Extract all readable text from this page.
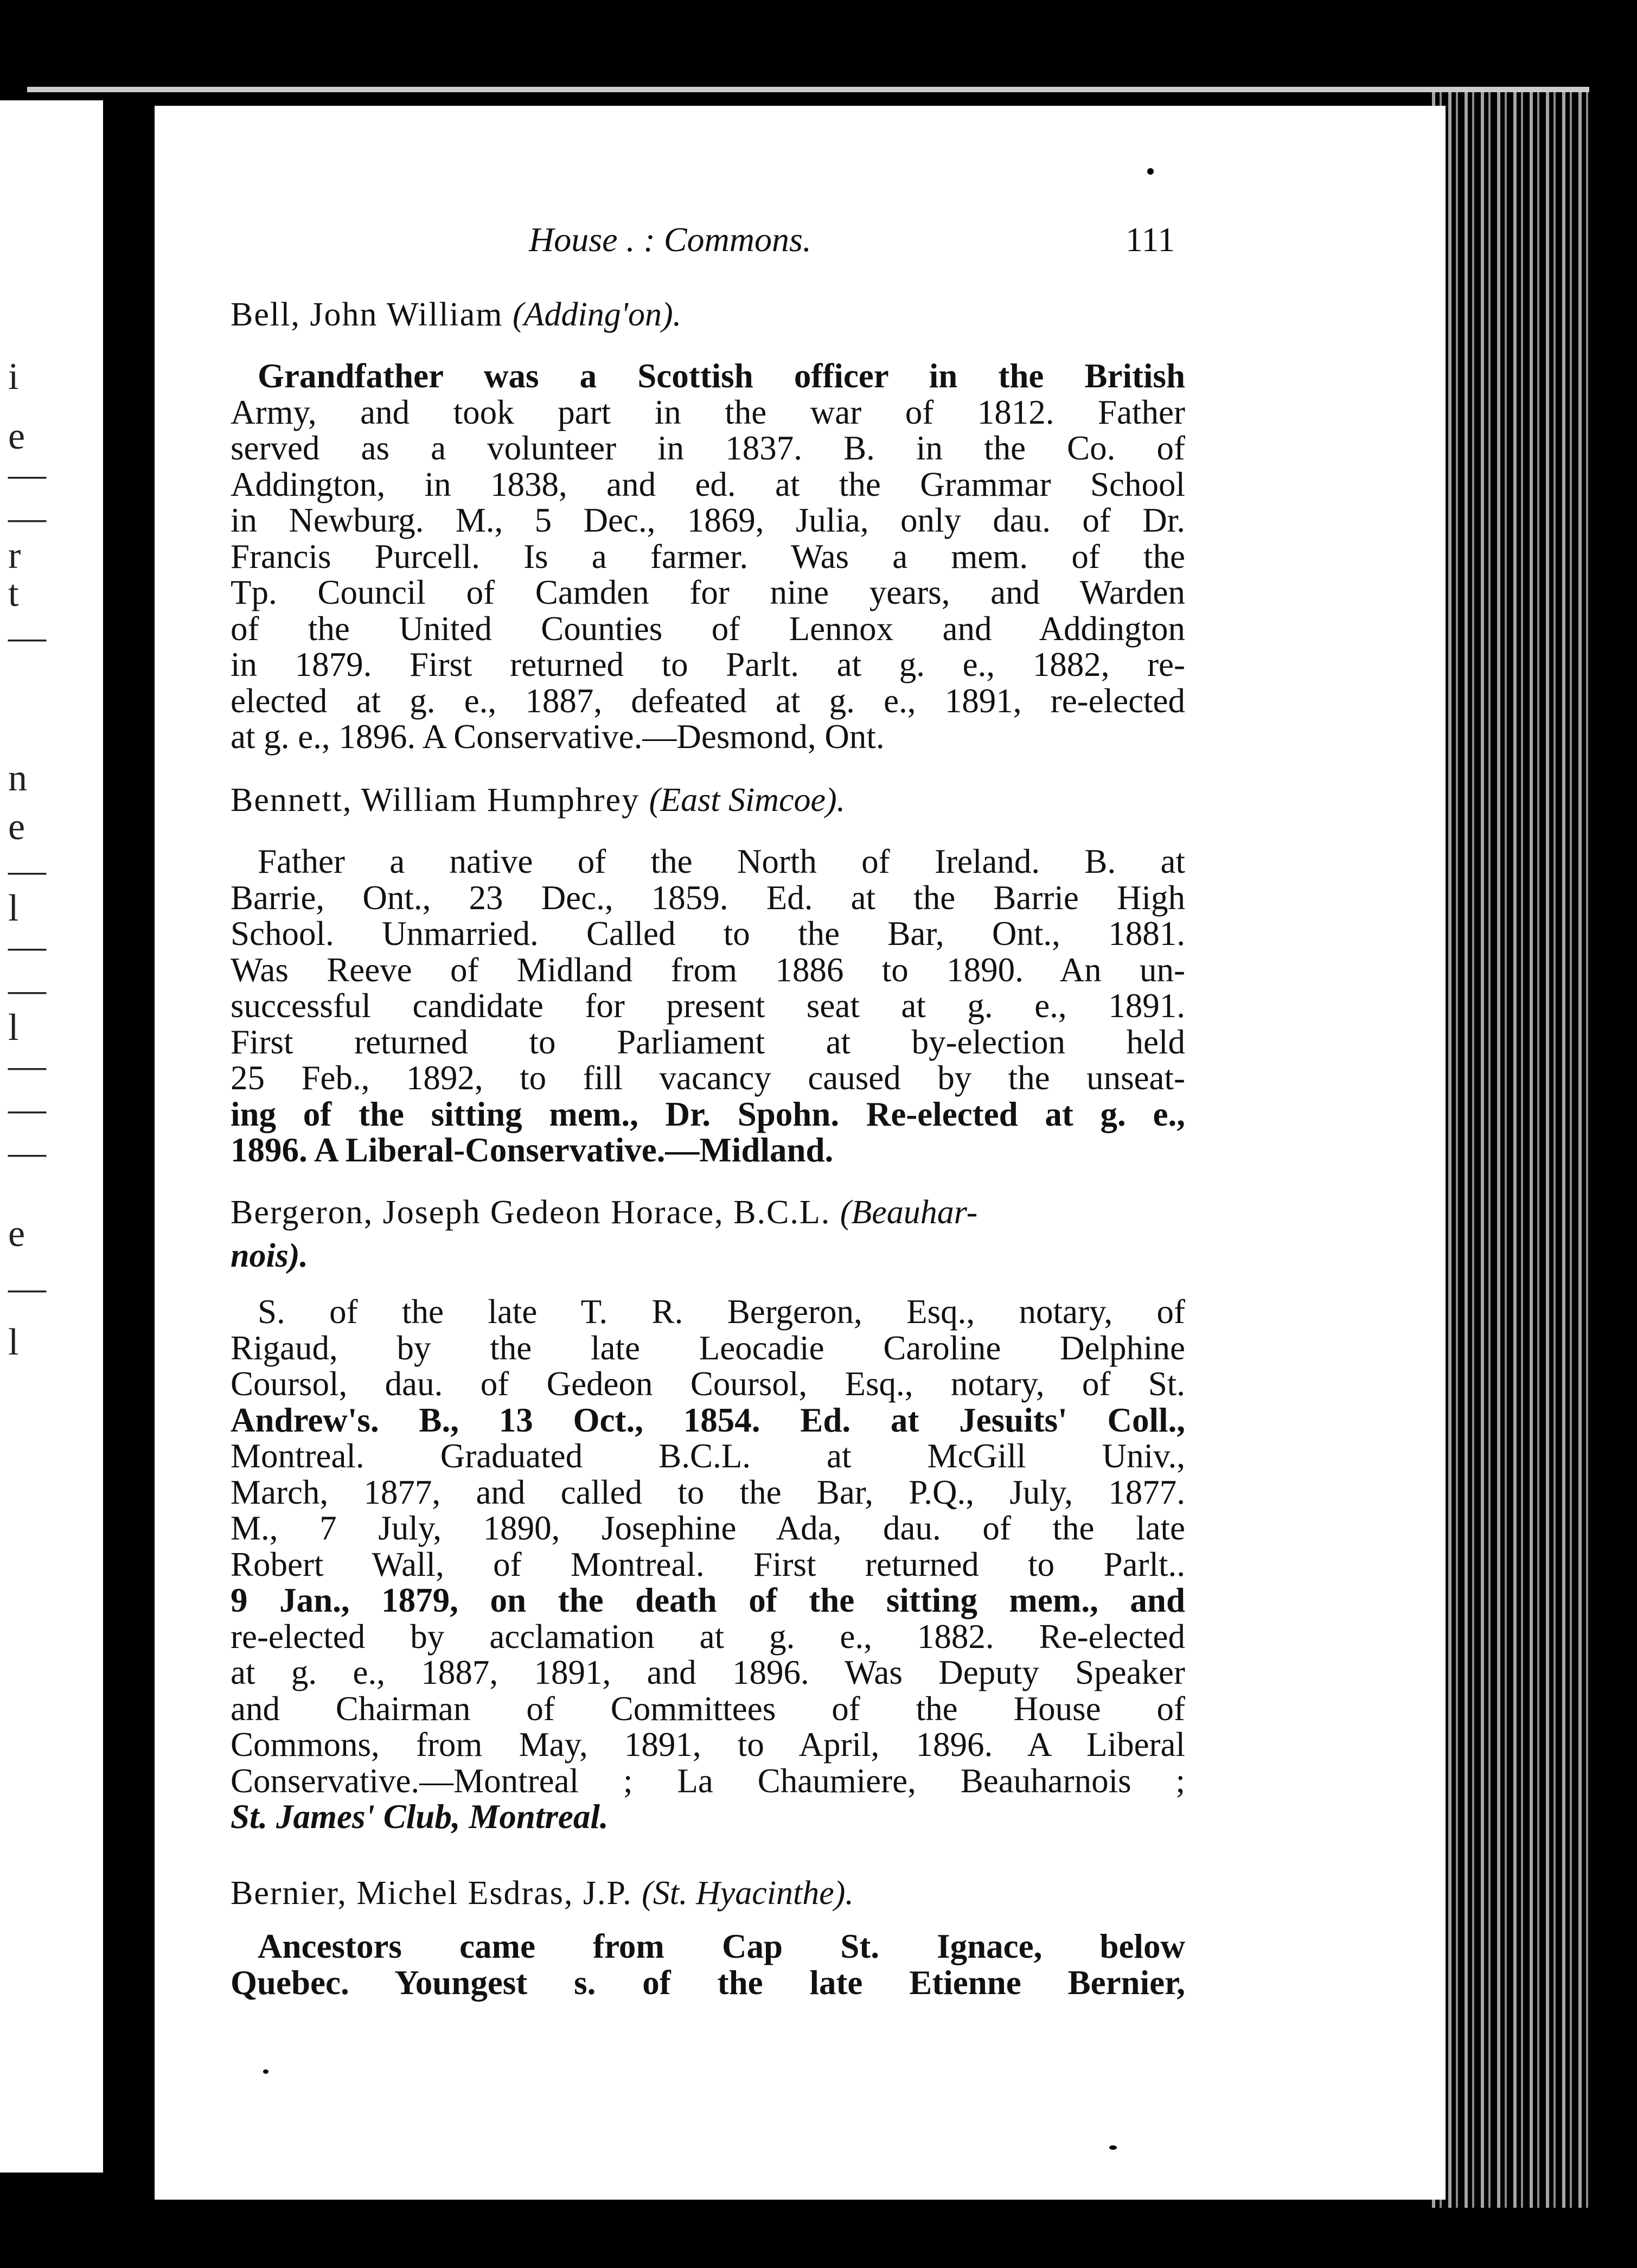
i
e
—
—
r
t
—
n
e
—
l
—
—
l
—
—
—
e
—
l
House . : Commons.	111
Bell, John William (Adding'on).
Grandfather was a Scottish officer in the British
Army, and took part in the war of 1812. Father
served as a volunteer in 1837. B. in the Co. of
Addington, in 1838, and ed. at the Grammar School
in Newburg. M., 5 Dec., 1869, Julia, only dau. of Dr.
Francis Purcell. Is a farmer. Was a mem. of the
Tp. Council of Camden for nine years, and Warden
of the United Counties of Lennox and Addington
in 1879. First returned to Parlt. at g. e., 1882, re-
elected at g. e., 1887, defeated at g. e., 1891, re-elected
at g. e., 1896. A Conservative.—Desmond, Ont.
Bennett, William Humphrey (East Simcoe).
Father a native of the North of Ireland. B. at
Barrie, Ont., 23 Dec., 1859. Ed. at the Barrie High
School. Unmarried. Called to the Bar, Ont., 1881.
Was Reeve of Midland from 1886 to 1890. An un-
successful candidate for present seat at g. e., 1891.
First returned to Parliament at by-election held
25 Feb., 1892, to fill vacancy caused by the unseat-
ing of the sitting mem., Dr. Spohn. Re-elected at g. e.,
1896. A Liberal-Conservative.—Midland.
Bergeron, Joseph Gedeon Horace, B.C.L. (Beauhar-
nois).
S. of the late T. R. Bergeron, Esq., notary, of
Rigaud, by the late Leocadie Caroline Delphine
Coursol, dau. of Gedeon Coursol, Esq., notary, of St.
Andrew's. B., 13 Oct., 1854. Ed. at Jesuits' Coll.,
Montreal. Graduated B.C.L. at McGill Univ.,
March, 1877, and called to the Bar, P.Q., July, 1877.
M., 7 July, 1890, Josephine Ada, dau. of the late
Robert Wall, of Montreal. First returned to Parlt..
9 Jan., 1879, on the death of the sitting mem., and
re-elected by acclamation at g. e., 1882. Re-elected
at g. e., 1887, 1891, and 1896. Was Deputy Speaker
and Chairman of Committees of the House of
Commons, from May, 1891, to April, 1896. A Liberal
Conservative.—Montreal ; La Chaumiere, Beauharnois ;
St. James' Club, Montreal.
Bernier, Michel Esdras, J.P. (St. Hyacinthe).
Ancestors came from Cap St. Ignace, below
Quebec. Youngest s. of the late Etienne Bernier,
